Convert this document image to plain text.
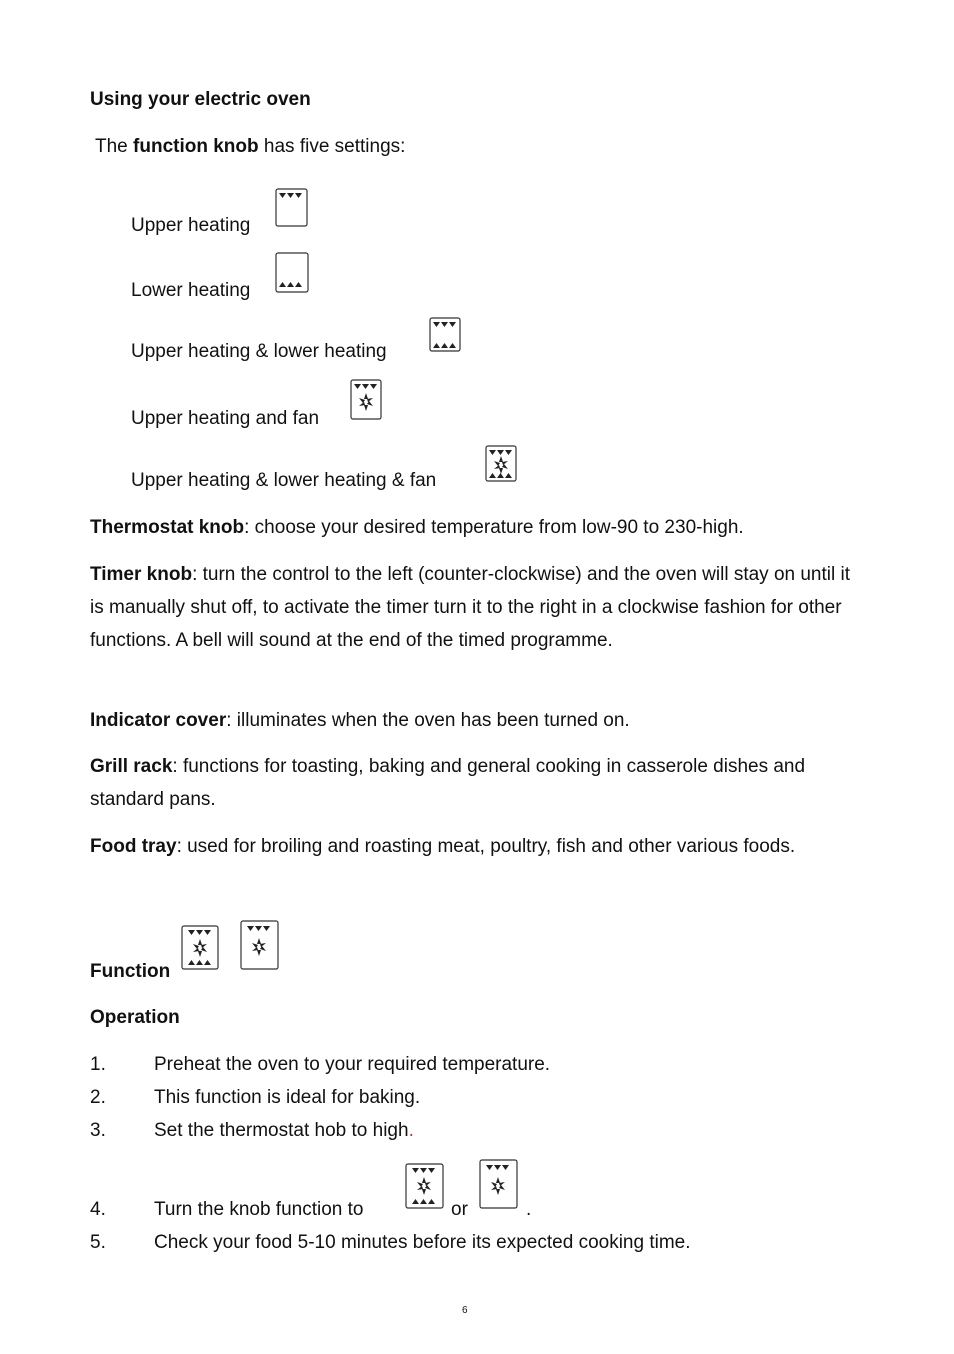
Using your electric oven
The function knob has five settings:
Upper heating
Lower heating
Upper heating & lower heating
Upper heating and fan
Upper heating & lower heating & fan
Thermostat knob: choose your desired temperature from low-90 to 230-high.
Timer knob: turn the control to the left (counter-clockwise) and the oven will stay on until it is manually shut off, to activate the timer turn it to the right in a clockwise fashion for other functions. A bell will sound at the end of the timed programme.
Indicator cover: illuminates when the oven has been turned on.
Grill rack: functions for toasting, baking and general cooking in casserole dishes and standard pans.
Food tray: used for broiling and roasting meat, poultry, fish and other various foods.
Function
Operation
1.	Preheat the oven to your required temperature.
2.	This function is ideal for baking.
3.	Set the thermostat hob to high.
4.	Turn the knob function to	or	.
5.	Check your food 5-10 minutes before its expected cooking time.
6
